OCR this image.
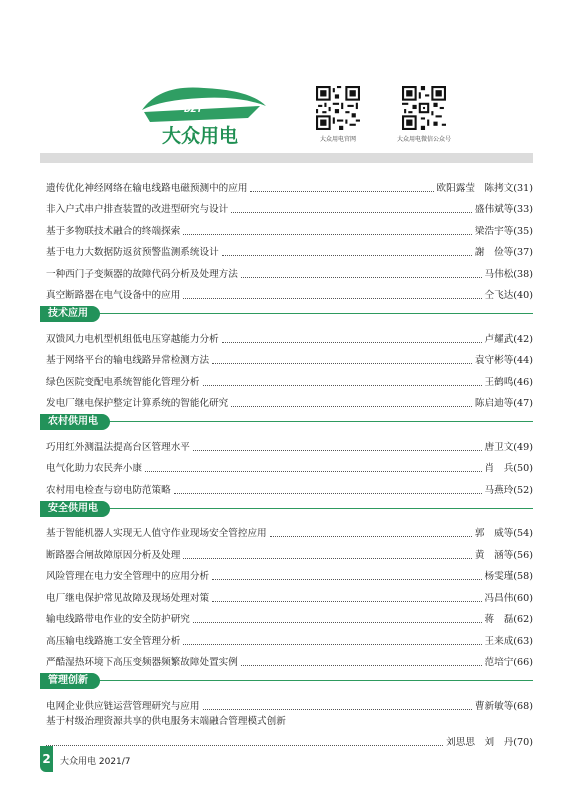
DZY
大众用电	大众用电官网	大众用电微信公众号
遗传优化神经网络在输电线路电磁预测中的应用	欧阳露莹　陈拷文(31)
非入户式串户排查装置的改进型研究与设计	盛伟斌等(33)
基于多物联技术融合的终端探索	梁浩宇等(35)
基于电力大数据防返贫预警监测系统设计	謝　俭等(37)
一种西门子变频器的故障代码分析及处理方法	马伟松(38)
真空断路器在电气设备中的应用	仝飞达(40)
技术应用
双馈风力电机型机组低电压穿越能力分析	卢耀武(42)
基于网络平台的输电线路异常检测方法	袁守彬等(44)
绿色医院变配电系统智能化管理分析	王鹤鸣(46)
发电厂继电保护整定计算系统的智能化研究	陈启迪等(47)
农村供用电
巧用红外测温法提高台区管理水平	唐卫文(49)
电气化助力农民奔小康	肖　兵(50)
农村用电检查与窃电防范策略	马燕玲(52)
安全供用电
基于智能机器人实现无人值守作业现场安全管控应用	郭　威等(54)
断路器合闸故障原因分析及处理	黄　涵等(56)
风险管理在电力安全管理中的应用分析	杨雯瑾(58)
电厂继电保护常见故障及现场处理对策	冯昌伟(60)
输电线路带电作业的安全防护研究	蒋　磊(62)
高压输电线路施工安全管理分析	王来成(63)
严酷湿热环境下高压变频器频繁故障处置实例	范培宁(66)
管理创新
电网企业供应链运营管理研究与应用	曹新敏等(68)
基于村级治理资源共享的供电服务末端融合管理模式创新
刘思思　刘　丹(70)
2 大众用电 2021/7
